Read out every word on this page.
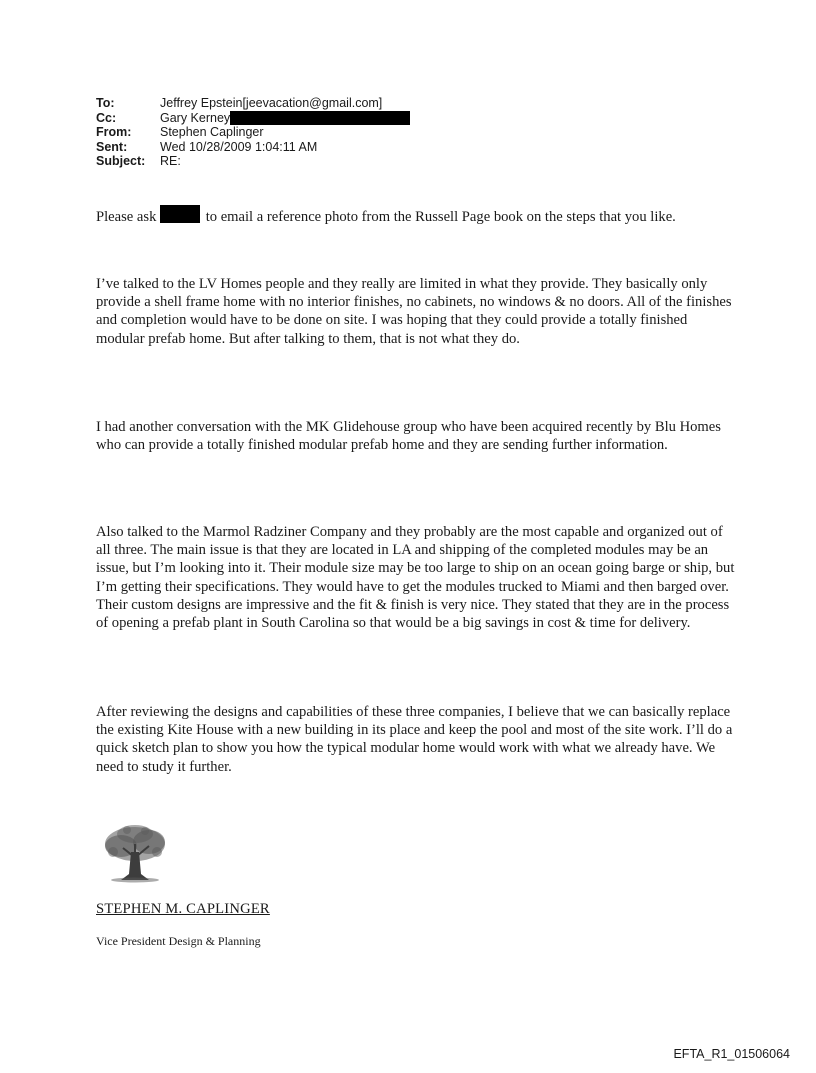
To:	Jeffrey Epstein[jeevacation@gmail.com]
Cc:	Gary Kerney
From:	Stephen Caplinger
Sent:	Wed 10/28/2009 1:04:11 AM
Subject:	RE:

Please ask	to email a reference photo from the Russell Page book on the steps that you like.

I’ve talked to the LV Homes people and they really are limited in what they provide. They basically only provide a shell frame home with no interior finishes, no cabinets, no windows & no doors. All of the finishes and completion would have to be done on site. I was hoping that they could provide a totally finished modular prefab home. But after talking to them, that is not what they do.

I had another conversation with the MK Glidehouse group who have been acquired recently by Blu Homes who can provide a totally finished modular prefab home and they are sending further information.

Also talked to the Marmol Radziner Company and they probably are the most capable and organized out of all three. The main issue is that they are located in LA and shipping of the completed modules may be an issue, but I’m looking into it. Their module size may be too large to ship on an ocean going barge or ship, but I’m getting their specifications. They would have to get the modules trucked to Miami and then barged over. Their custom designs are impressive and the fit & finish is very nice. They stated that they are in the process of opening a prefab plant in South Carolina so that would be a big savings in cost & time for delivery.

After reviewing the designs and capabilities of these three companies, I believe that we can basically replace the existing Kite House with a new building in its place and keep the pool and most of the site work. I’ll do a quick sketch plan to show you how the typical modular home would work with what we already have. We need to study it further.

STEPHEN M. CAPLINGER
Vice President Design & Planning
EFTA_R1_01506064
